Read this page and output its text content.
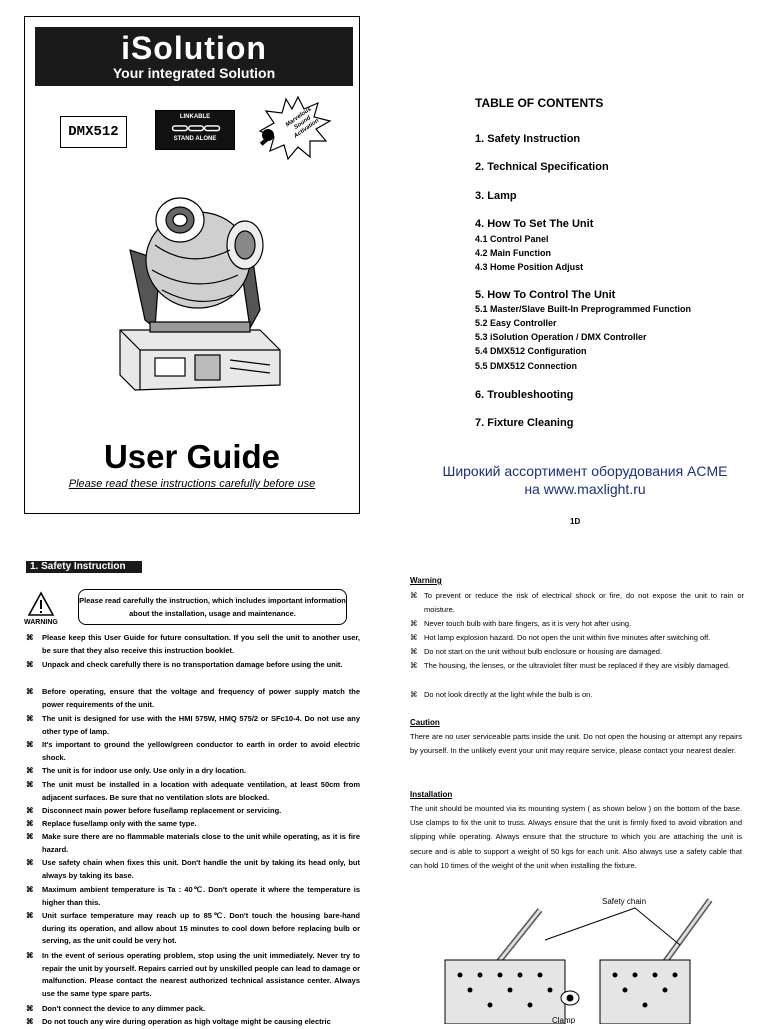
iSolution
Your integrated Solution
DMX512
LINKABLE
⊂⊃⊂⊃⊂⊃
STAND ALONE
Marvelous Sound Activation
User Guide
Please read these instructions carefully before use
TABLE OF CONTENTS
1. Safety Instruction
2. Technical Specification
3. Lamp
4. How To Set The Unit
4.1 Control Panel
4.2 Main Function
4.3 Home Position Adjust
5. How To Control The Unit
5.1 Master/Slave Built-In Preprogrammed Function
5.2 Easy Controller
5.3 iSolution Operation / DMX Controller
5.4 DMX512 Configuration
5.5 DMX512 Connection
6. Troubleshooting
7. Fixture Cleaning
Широкий ассортимент оборудования ACME
на www.maxlight.ru
1D
1. Safety Instruction
WARNING
Please read carefully the instruction, which includes important information about the installation, usage and maintenance.
⌘ Please keep this User Guide for future consultation. If you sell the unit to another user, be sure that they also receive this instruction booklet.
⌘ Unpack and check carefully there is no transportation damage before using the unit.
⌘ Before operating, ensure that the voltage and frequency of power supply match the power requirements of the unit.
⌘ The unit is designed for use with the HMI 575W, HMQ 575/2 or SFc10-4. Do not use any other type of lamp.
⌘ It's important to ground the yellow/green conductor to earth in order to avoid electric shock.
⌘ The unit is for indoor use only. Use only in a dry location.
⌘ The unit must be installed in a location with adequate ventilation, at least 50cm from adjacent surfaces. Be sure that no ventilation slots are blocked.
⌘ Disconnect main power before fuse/lamp replacement or servicing.
⌘ Replace fuse/lamp only with the same type.
⌘ Make sure there are no flammable materials close to the unit while operating, as it is fire hazard.
⌘ Use safety chain when fixes this unit. Don't handle the unit by taking its head only, but always by taking its base.
⌘ Maximum ambient temperature is Ta : 40℃. Don't operate it where the temperature is higher than this.
⌘ Unit surface temperature may reach up to 85℃. Don't touch the housing bare-hand during its operation, and allow about 15 minutes to cool down before replacing bulb or serving, as the unit could be very hot.
⌘ In the event of serious operating problem, stop using the unit immediately. Never try to repair the unit by yourself. Repairs carried out by unskilled people can lead to damage or malfunction. Please contact the nearest authorized technical assistance center. Always use the same type spare parts.
⌘ Don't connect the device to any dimmer pack.
⌘ Do not touch any wire during operation as high voltage might be causing electric
Warning
⌘ To prevent or reduce the risk of electrical shock or fire, do not expose the unit to rain or moisture.
⌘ Never touch bulb with bare fingers, as it is very hot after using.
⌘ Hot lamp explosion hazard. Do not open the unit within five minutes after switching off.
⌘ Do not start on the unit without bulb enclosure or housing are damaged.
⌘ The housing, the lenses, or the ultraviolet filter must be replaced if they are visibly damaged.
⌘ Do not look directly at the light while the bulb is on.
Caution
There are no user serviceable parts inside the unit. Do not open the housing or attempt any repairs by yourself. In the unlikely event your unit may require service, please contact your nearest dealer.
Installation
The unit should be mounted via its mounting system ( as shown below ) on the bottom of the base. Use clamps to fix the unit to truss. Always ensure that the unit is firmly fixed to avoid vibration and slipping while operating. Always ensure that the structure to which you are attaching the unit is secure and is able to support a weight of 50 kgs for each unit. Also always use a safety cable that can hold 10 times of the weight of the unit when installing the fixture.
Safety chain
Clamp
